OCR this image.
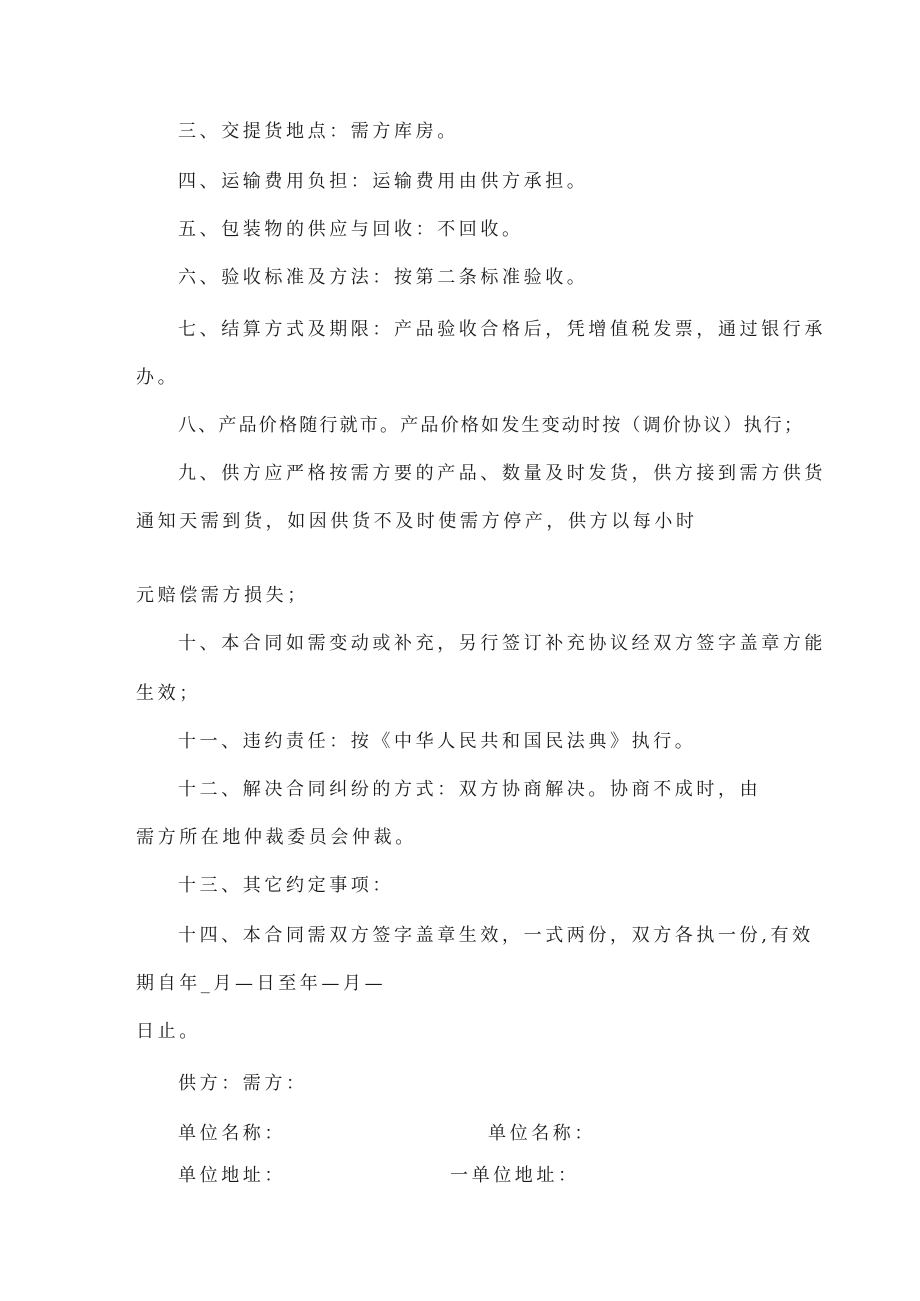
三、交提货地点：需方库房。
四、运输费用负担：运输费用由供方承担。
五、包装物的供应与回收：不回收。
六、验收标准及方法：按第二条标准验收。
七、结算方式及期限：产品验收合格后，凭增值税发票，通过银行承
办。
八、产品价格随行就市。产品价格如发生变动时按（调价协议）执行；
九、供方应严格按需方要的产品、数量及时发货，供方接到需方供货
通知天需到货，如因供货不及时使需方停产，供方以每小时
元赔偿需方损失；
十、本合同如需变动或补充，另行签订补充协议经双方签字盖章方能
生效；
十一、违约责任：按《中华人民共和国民法典》执行。
十二、解决合同纠纷的方式：双方协商解决。协商不成时，由
需方所在地仲裁委员会仲裁。
十三、其它约定事项：
十四、本合同需双方签字盖章生效，一式两份，双方各执一份,有效
期自年_月—日至年—月—
日止。
供方：需方：
单位名称：	单位名称：
单位地址：	一单位地址：
